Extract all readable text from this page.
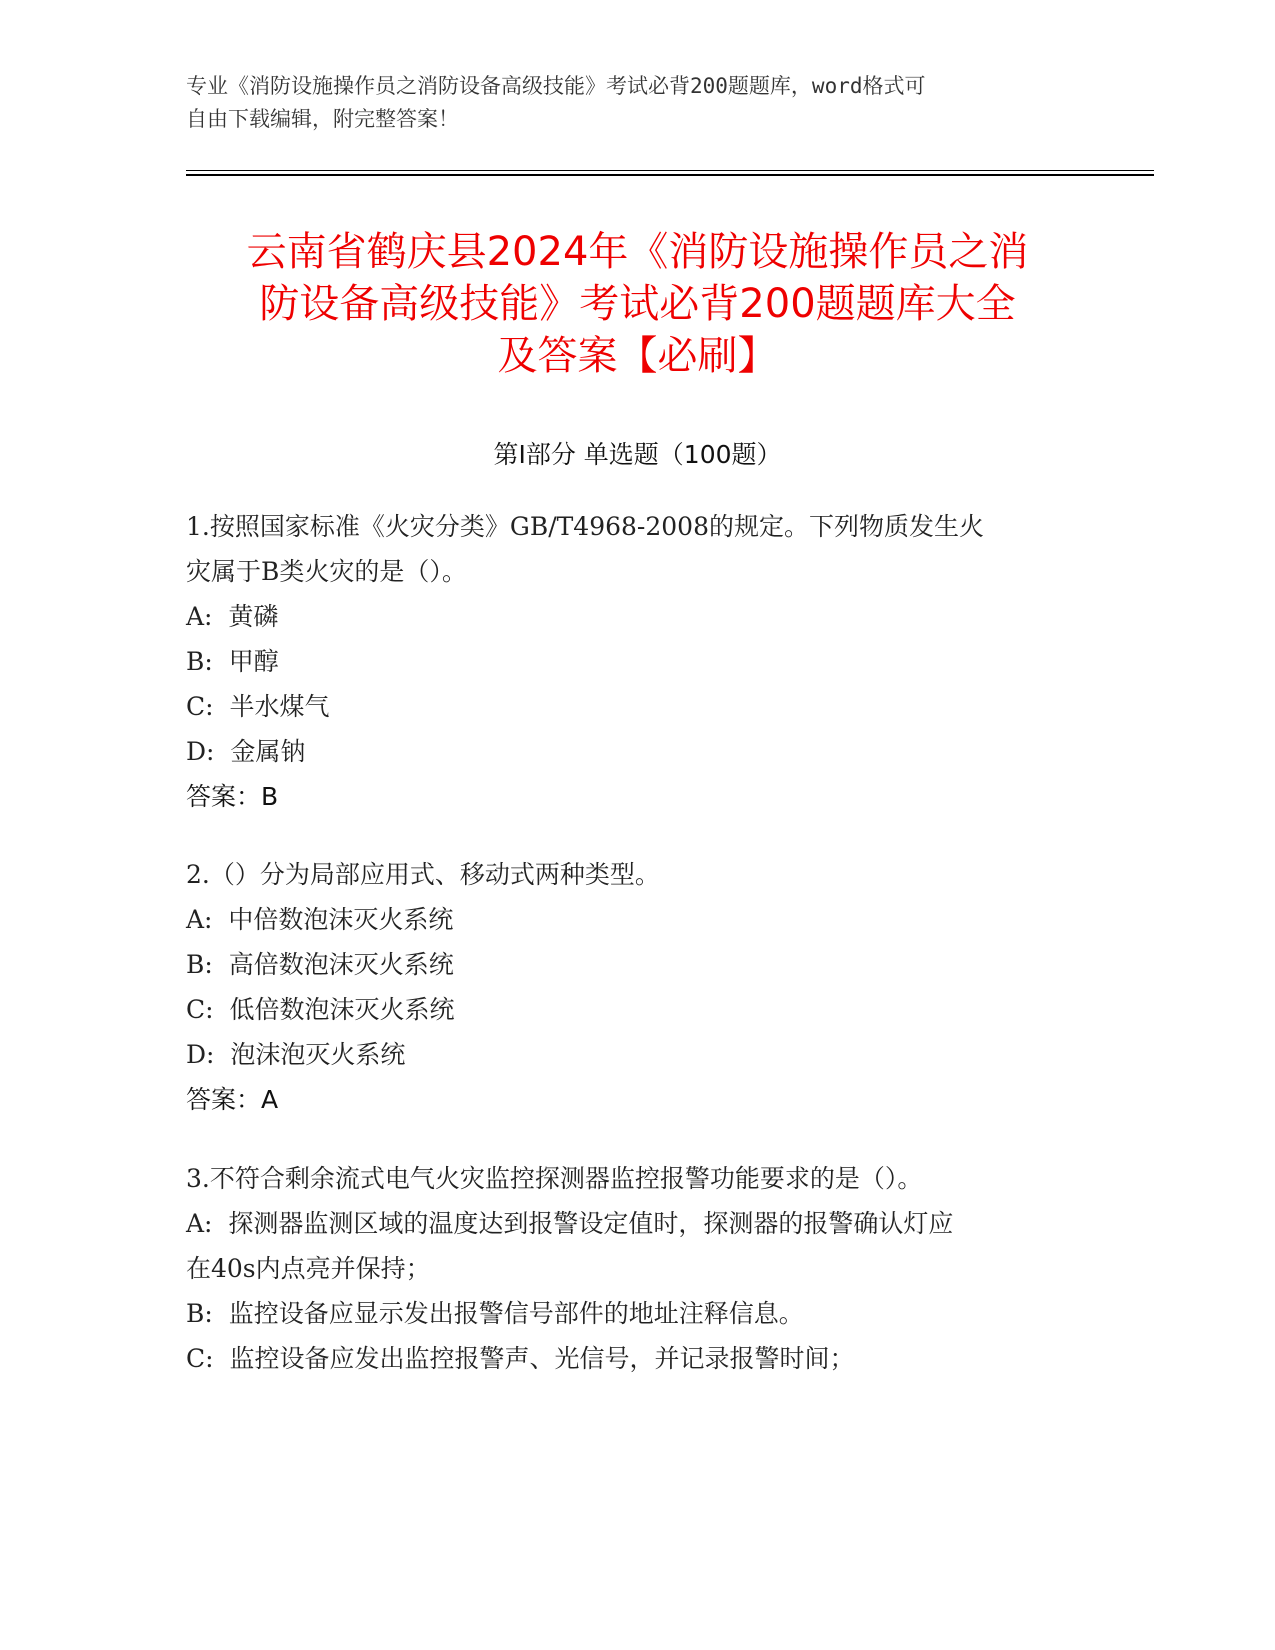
专业《消防设施操作员之消防设备高级技能》考试必背200题题库，word格式可
自由下载编辑，附完整答案！
云南省鹤庆县2024年《消防设施操作员之消
防设备高级技能》考试必背200题题库大全
及答案【必刷】
第I部分 单选题（100题）

1.按照国家标准《火灾分类》GB/T4968-2008的规定。下列物质发生火

灾属于B类火灾的是（）。

A:  黄磷

B:  甲醇

C:  半水煤气

D:  金属钠

答案：B

2.（）分为局部应用式、移动式两种类型。

A:  中倍数泡沫灭火系统

B:  高倍数泡沫灭火系统

C:  低倍数泡沫灭火系统

D:  泡沫泡灭火系统

答案：A

3.不符合剩余流式电气火灾监控探测器监控报警功能要求的是（）。

A:  探测器监测区域的温度达到报警设定值时，探测器的报警确认灯应

在40s内点亮并保持；

B:  监控设备应显示发出报警信号部件的地址注释信息。

C:  监控设备应发出监控报警声、光信号，并记录报警时间；
